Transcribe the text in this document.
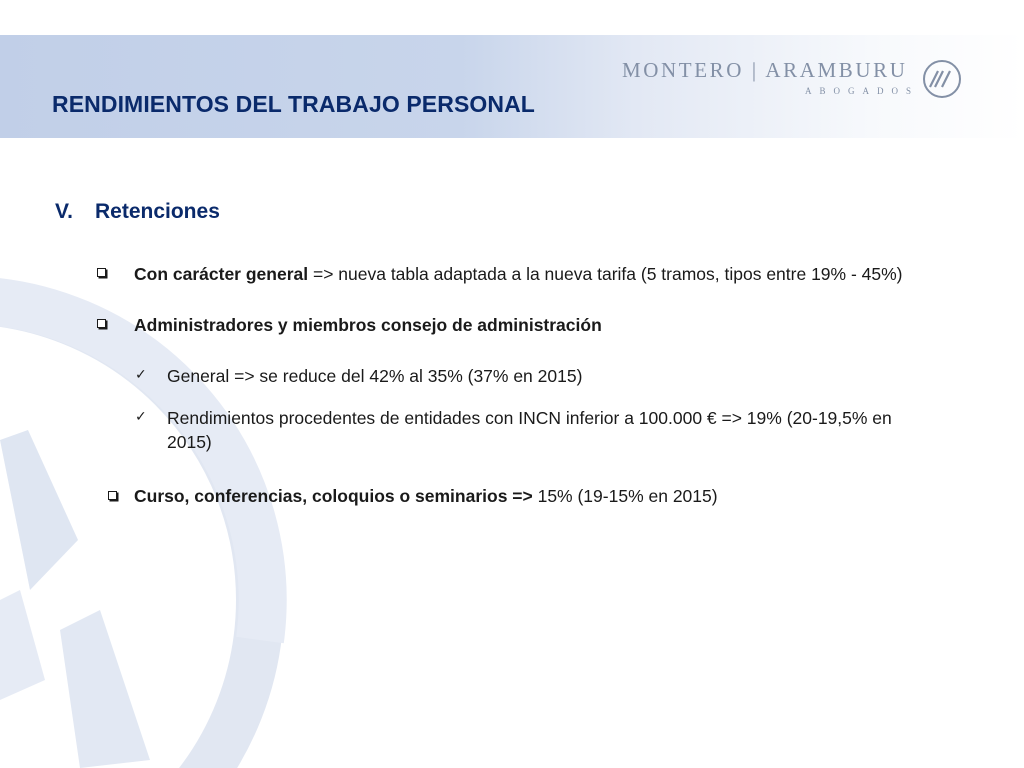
RENDIMIENTOS DEL TRABAJO PERSONAL
MONTERO | ARAMBURU
ABOGADOS
V. Retenciones
Con carácter general => nueva tabla adaptada a la nueva tarifa (5 tramos, tipos entre 19% - 45%)
Administradores y miembros consejo de administración
✓ General => se reduce del 42% al 35% (37% en 2015)
✓ Rendimientos procedentes de entidades con INCN inferior a 100.000 € => 19% (20-19,5% en
2015)
Curso, conferencias, coloquios o seminarios => 15% (19-15% en 2015)
